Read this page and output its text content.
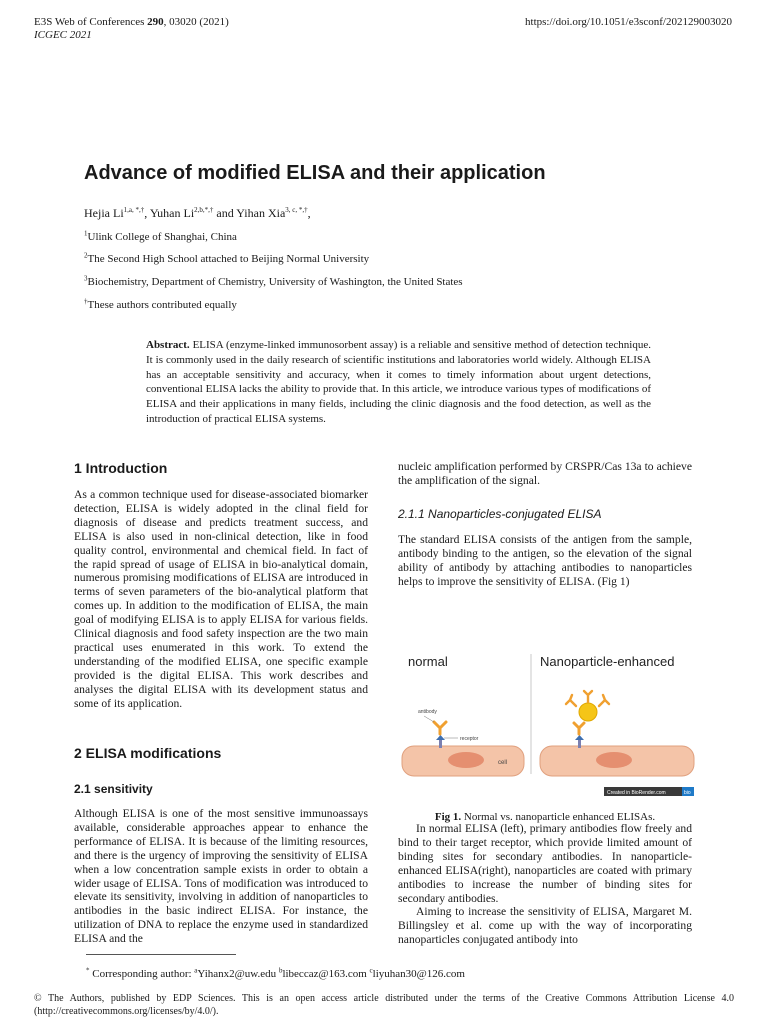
E3S Web of Conferences 290, 03020 (2021)
ICGEC 2021
https://doi.org/10.1051/e3sconf/202129003020
Advance of modified ELISA and their application
Hejia $Li^{1,a, *,\dagger}$, Yuhan $Li^{2,b,*,\dagger}$ and Yihan Xia$^{3, c, *,\dagger}$,
$^1$Ulink College of Shanghai, China
$^2$The Second High School attached to Beijing Normal University
$^3$Biochemistry, Department of Chemistry, University of Washington, the United States
†These authors contributed equally
Abstract. ELISA (enzyme-linked immunosorbent assay) is a reliable and sensitive method of detection technique. It is commonly used in the daily research of scientific institutions and laboratories world widely. Although ELISA has an acceptable sensitivity and accuracy, when it comes to timely information about urgent detections, conventional ELISA lacks the ability to provide that. In this article, we introduce various types of modifications of ELISA and their applications in many fields, including the clinic diagnosis and the food detection, as well as the introduction of practical ELISA systems.
1 Introduction

As a common technique used for disease-associated biomarker detection, ELISA is widely adopted in the clinal field for diagnosis of disease and predicts treatment success, and ELISA is also used in non-clinical detection, like in food quality control, environmental and chemical field. In fact of the rapid spread of usage of ELISA in bio-analytical domain, numerous promising modifications of ELISA are introduced in terms of seven parameters of the bio-analytical platform that comes up. In addition to the modification of ELISA, the main goal of modifying ELISA is to apply ELISA for various fields. Clinical diagnosis and food safety inspection are the two main practical uses enumerated in this work. To extend the understanding of the modified ELISA, one specific example provided is the digital ELISA. This work describes and analyses the digital ELISA with its development status and some of its application.

2 ELISA modifications
2.1 sensitivity

Although ELISA is one of the most sensitive immunoassays available, considerable approaches appear to enhance the performance of ELISA. It is because of the limiting resources, and there is the urgency of improving the sensitivity of ELISA when a low concentration sample exists in order to obtain a wider usage of ELISA. Tons of modification was introduced to elevate its sensitivity, involving in addition of nanoparticles to antibodies in the basic indirect ELISA. For instance, the utilization of DNA to replace the enzyme used in standardized ELISA and the

nucleic amplification performed by CRSPR/Cas 13a to achieve the amplification of the signal.

2.1.1 Nanoparticles-conjugated ELISA

The standard ELISA consists of the antigen from the sample, antibody binding to the antigen, so the elevation of the signal ability of antibody by attaching antibodies to nanoparticles helps to improve the sensitivity of ELISA. (Fig 1)

normal	Nanoparticle-enhanced
cell
receptor
antibody
Created in BioRender.com	bio
Fig 1. Normal vs. nanoparticle enhanced ELISAs.

In normal ELISA (left), primary antibodies flow freely and bind to their target receptor, which provide limited amount of binding sites for secondary antibodies. In nanoparticle-enhanced ELISA(right), nanoparticles are coated with primary antibodies to increase the number of binding sites for secondary antibodies.

Aiming to increase the sensitivity of ELISA, Margaret M. Billingsley et al. come up with the way of incorporating nanoparticles conjugated antibody into

* Corresponding author: $^a$Yihanx2@uw.edu $^b$libeccaz@163.com $^c$liyuhan30@126.com
© The Authors, published by EDP Sciences. This is an open access article distributed under the terms of the Creative Commons Attribution License 4.0 (http://creativecommons.org/licenses/by/4.0/).
